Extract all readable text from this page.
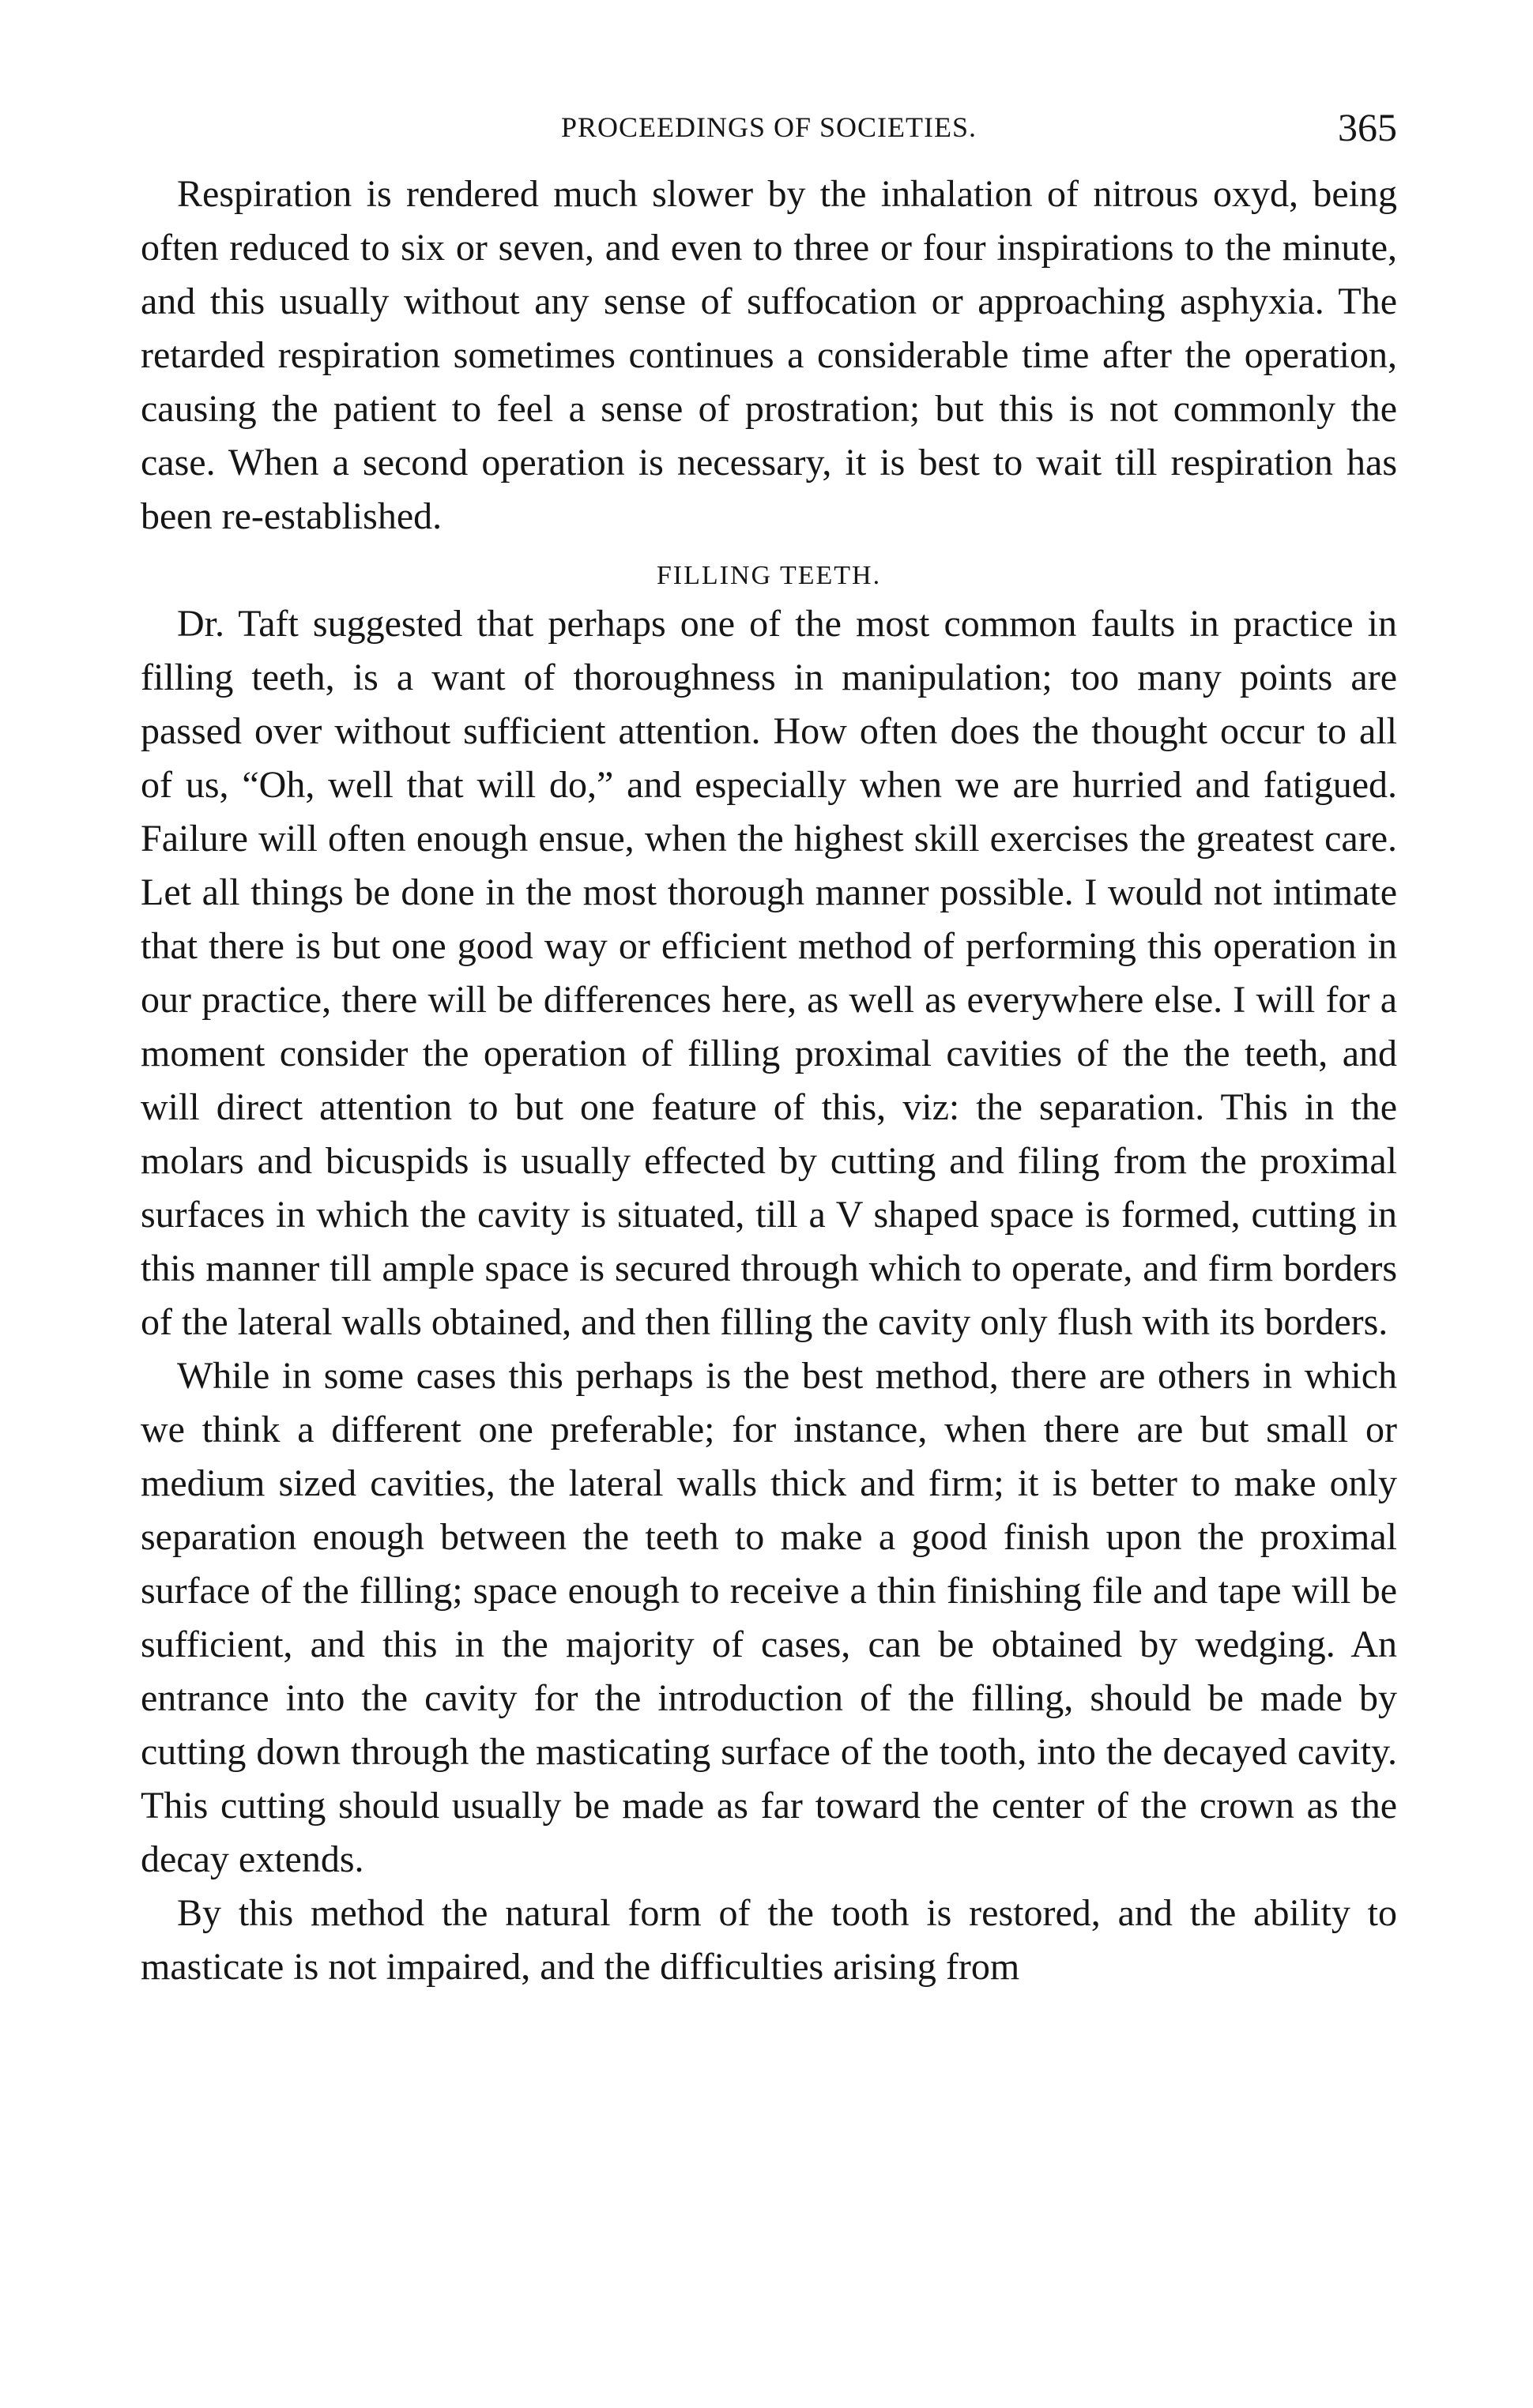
PROCEEDINGS OF SOCIETIES.	365

Respiration is rendered much slower by the inhalation of nitrous oxyd, being often reduced to six or seven, and even to three or four inspirations to the minute, and this usually without any sense of suffocation or approaching asphyxia. The retarded respiration sometimes continues a considerable time after the operation, causing the patient to feel a sense of prostration; but this is not commonly the case. When a second operation is necessary, it is best to wait till respiration has been re-established.

FILLING TEETH.

Dr. Taft suggested that perhaps one of the most common faults in practice in filling teeth, is a want of thoroughness in manipulation; too many points are passed over without sufficient attention. How often does the thought occur to all of us, “Oh, well that will do,” and especially when we are hurried and fatigued. Failure will often enough ensue, when the highest skill exercises the greatest care. Let all things be done in the most thorough manner possible. I would not intimate that there is but one good way or efficient method of performing this operation in our practice, there will be differences here, as well as everywhere else. I will for a moment consider the operation of filling proximal cavities of the the teeth, and will direct attention to but one feature of this, viz: the separation. This in the molars and bicuspids is usually effected by cutting and filing from the proximal surfaces in which the cavity is situated, till a V shaped space is formed, cutting in this manner till ample space is secured through which to operate, and firm borders of the lateral walls obtained, and then filling the cavity only flush with its borders.

While in some cases this perhaps is the best method, there are others in which we think a different one preferable; for instance, when there are but small or medium sized cavities, the lateral walls thick and firm; it is better to make only separation enough between the teeth to make a good finish upon the proximal surface of the filling; space enough to receive a thin finishing file and tape will be sufficient, and this in the majority of cases, can be obtained by wedging. An entrance into the cavity for the introduction of the filling, should be made by cutting down through the masticating surface of the tooth, into the decayed cavity. This cutting should usually be made as far toward the center of the crown as the decay extends.

By this method the natural form of the tooth is restored, and the ability to masticate is not impaired, and the difficulties arising from
